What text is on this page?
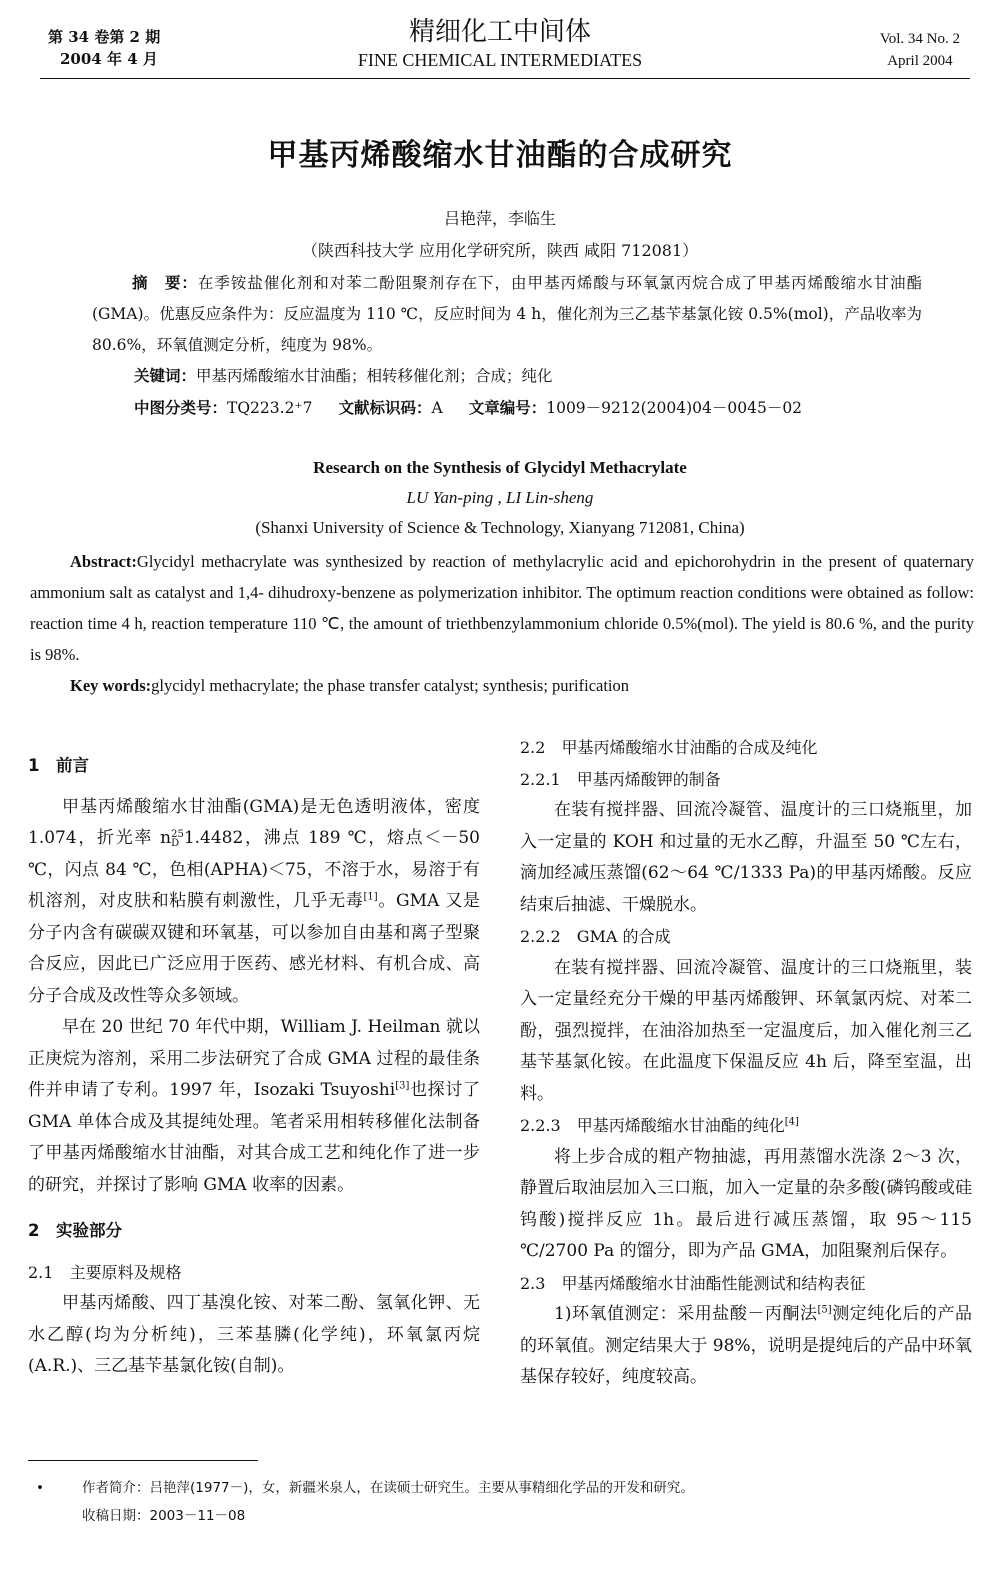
第 34 卷第 2 期
2004 年 4 月
精细化工中间体
FINE CHEMICAL INTERMEDIATES
Vol. 34 No. 2
April 2004
甲基丙烯酸缩水甘油酯的合成研究
吕艳萍，李临生
（陕西科技大学 应用化学研究所，陕西 咸阳 712081）
摘　要：在季铵盐催化剂和对苯二酚阻聚剂存在下，由甲基丙烯酸与环氧氯丙烷合成了甲基丙烯酸缩水甘油酯(GMA)。优惠反应条件为：反应温度为 110 ℃，反应时间为 4 h，催化剂为三乙基苄基氯化铵 0.5%(mol)，产品收率为 80.6%，环氧值测定分析，纯度为 98%。
关键词：甲基丙烯酸缩水甘油酯；相转移催化剂；合成；纯化
中图分类号：TQ223.2⁺7 文献标识码：A 文章编号：1009－9212(2004)04－0045－02
Research on the Synthesis of Glycidyl Methacrylate
LU Yan-ping , LI Lin-sheng
(Shanxi University of Science & Technology, Xianyang 712081, China)
Abstract:Glycidyl methacrylate was synthesized by reaction of methylacrylic acid and epichorohydrin in the present of quaternary ammonium salt as catalyst and 1,4- dihudroxy-benzene as polymerization inhibitor. The optimum reaction conditions were obtained as follow: reaction time 4 h, reaction temperature 110 ℃, the amount of triethbenzylammonium chloride 0.5%(mol). The yield is 80.6 %, and the purity is 98%.
Key words:glycidyl methacrylate; the phase transfer catalyst; synthesis; purification
1　前言

甲基丙烯酸缩水甘油酯(GMA)是无色透明液体，密度 1.074，折光率 n 25
D 1.4482，沸点 189 ℃，熔点＜－50 ℃，闪点 84 ℃，色相(APHA)＜75，不溶于水，易溶于有机溶剂，对皮肤和粘膜有刺激性，几乎无毒[1]。GMA 又是分子内含有碳碳双键和环氧基，可以参加自由基和离子型聚合反应，因此已广泛应用于医药、感光材料、有机合成、高分子合成及改性等众多领域。

早在 20 世纪 70 年代中期，William J. Heilman 就以正庚烷为溶剂，采用二步法研究了合成 GMA 过程的最佳条件并申请了专利。1997 年，Isozaki Tsuyoshi[3]也探讨了 GMA 单体合成及其提纯处理。笔者采用相转移催化法制备了甲基丙烯酸缩水甘油酯，对其合成工艺和纯化作了进一步的研究，并探讨了影响 GMA 收率的因素。

2　实验部分

2.1　主要原料及规格

甲基丙烯酸、四丁基溴化铵、对苯二酚、氢氧化钾、无水乙醇(均为分析纯)，三苯基膦(化学纯)，环氧氯丙烷(A.R.)、三乙基苄基氯化铵(自制)。

2.2　甲基丙烯酸缩水甘油酯的合成及纯化

2.2.1　甲基丙烯酸钾的制备

在装有搅拌器、回流冷凝管、温度计的三口烧瓶里，加入一定量的 KOH 和过量的无水乙醇，升温至 50 ℃左右，滴加经减压蒸馏(62～64 ℃/1333 Pa)的甲基丙烯酸。反应结束后抽滤、干燥脱水。

2.2.2　GMA 的合成

在装有搅拌器、回流冷凝管、温度计的三口烧瓶里，装入一定量经充分干燥的甲基丙烯酸钾、环氧氯丙烷、对苯二酚，强烈搅拌，在油浴加热至一定温度后，加入催化剂三乙基苄基氯化铵。在此温度下保温反应 4h 后，降至室温，出料。

2.2.3　甲基丙烯酸缩水甘油酯的纯化[4]

将上步合成的粗产物抽滤，再用蒸馏水洗涤 2～3 次，静置后取油层加入三口瓶，加入一定量的杂多酸(磷钨酸或硅钨酸)搅拌反应 1h。最后进行减压蒸馏，取 95～115 ℃/2700 Pa 的馏分，即为产品 GMA，加阻聚剂后保存。

2.3　甲基丙烯酸缩水甘油酯性能测试和结构表征

1)环氧值测定：采用盐酸－丙酮法[5]测定纯化后的产品的环氧值。测定结果大于 98%，说明是提纯后的产品中环氧基保存较好，纯度较高。

•	作者简介：吕艳萍(1977－)，女，新疆米泉人，在读硕士研究生。主要从事精细化学品的开发和研究。
收稿日期：2003－11－08
